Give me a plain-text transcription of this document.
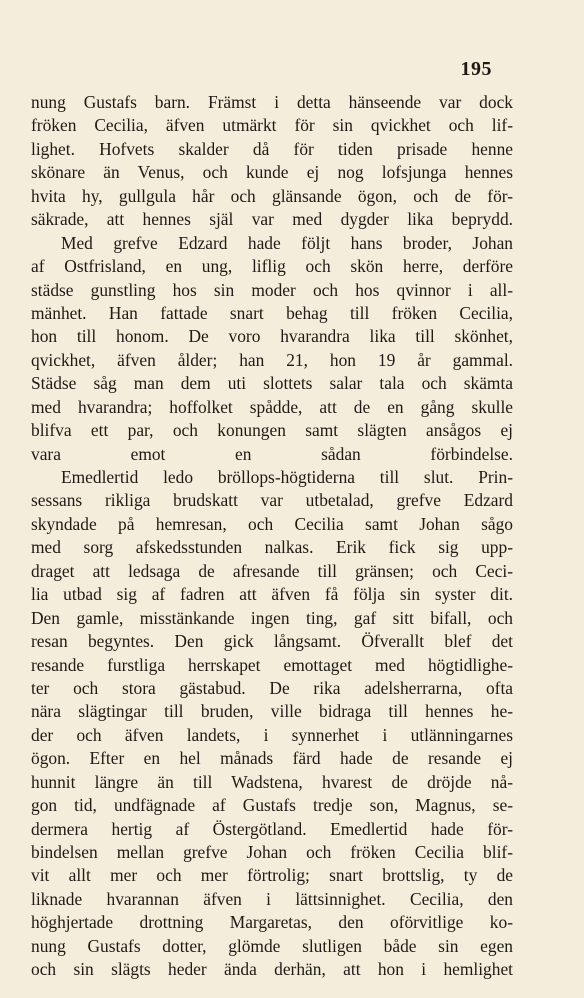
195
nung Gustafs barn. Främst i detta hänseende var dock
fröken Cecilia, äfven utmärkt för sin qvickhet och lif-
lighet. Hofvets skalder då för tiden prisade henne
skönare än Venus, och kunde ej nog lofsjunga hennes
hvita hy, gullgula hår och glänsande ögon, och de för-
säkrade, att hennes själ var med dygder lika beprydd.
Med grefve Edzard hade följt hans broder, Johan
af Ostfrisland, en ung, liflig och skön herre, derföre
städse gunstling hos sin moder och hos qvinnor i all-
mänhet. Han fattade snart behag till fröken Cecilia,
hon till honom. De voro hvarandra lika till skönhet,
qvickhet, äfven ålder; han 21, hon 19 år gammal.
Städse såg man dem uti slottets salar tala och skämta
med hvarandra; hoffolket spådde, att de en gång skulle
blifva ett par, och konungen samt slägten ansågos ej
vara emot en sådan förbindelse.
Emedlertid ledo bröllops-högtiderna till slut. Prin-
sessans rikliga brudskatt var utbetalad, grefve Edzard
skyndade på hemresan, och Cecilia samt Johan sågo
med sorg afskedsstunden nalkas. Erik fick sig upp-
draget att ledsaga de afresande till gränsen; och Ceci-
lia utbad sig af fadren att äfven få följa sin syster dit.
Den gamle, misstänkande ingen ting, gaf sitt bifall, och
resan begyntes. Den gick långsamt. Öfverallt blef det
resande furstliga herrskapet emottaget med högtidlighe-
ter och stora gästabud. De rika adelsherrarna, ofta
nära slägtingar till bruden, ville bidraga till hennes he-
der och äfven landets, i synnerhet i utlänningarnes
ögon. Efter en hel månads färd hade de resande ej
hunnit längre än till Wadstena, hvarest de dröjde nå-
gon tid, undfägnade af Gustafs tredje son, Magnus, se-
dermera hertig af Östergötland. Emedlertid hade för-
bindelsen mellan grefve Johan och fröken Cecilia blif-
vit allt mer och mer förtrolig; snart brottslig, ty de
liknade hvarannan äfven i lättsinnighet. Cecilia, den
höghjertade drottning Margaretas, den oförvitlige ko-
nung Gustafs dotter, glömde slutligen både sin egen
och sin slägts heder ända derhän, att hon i hemlighet
